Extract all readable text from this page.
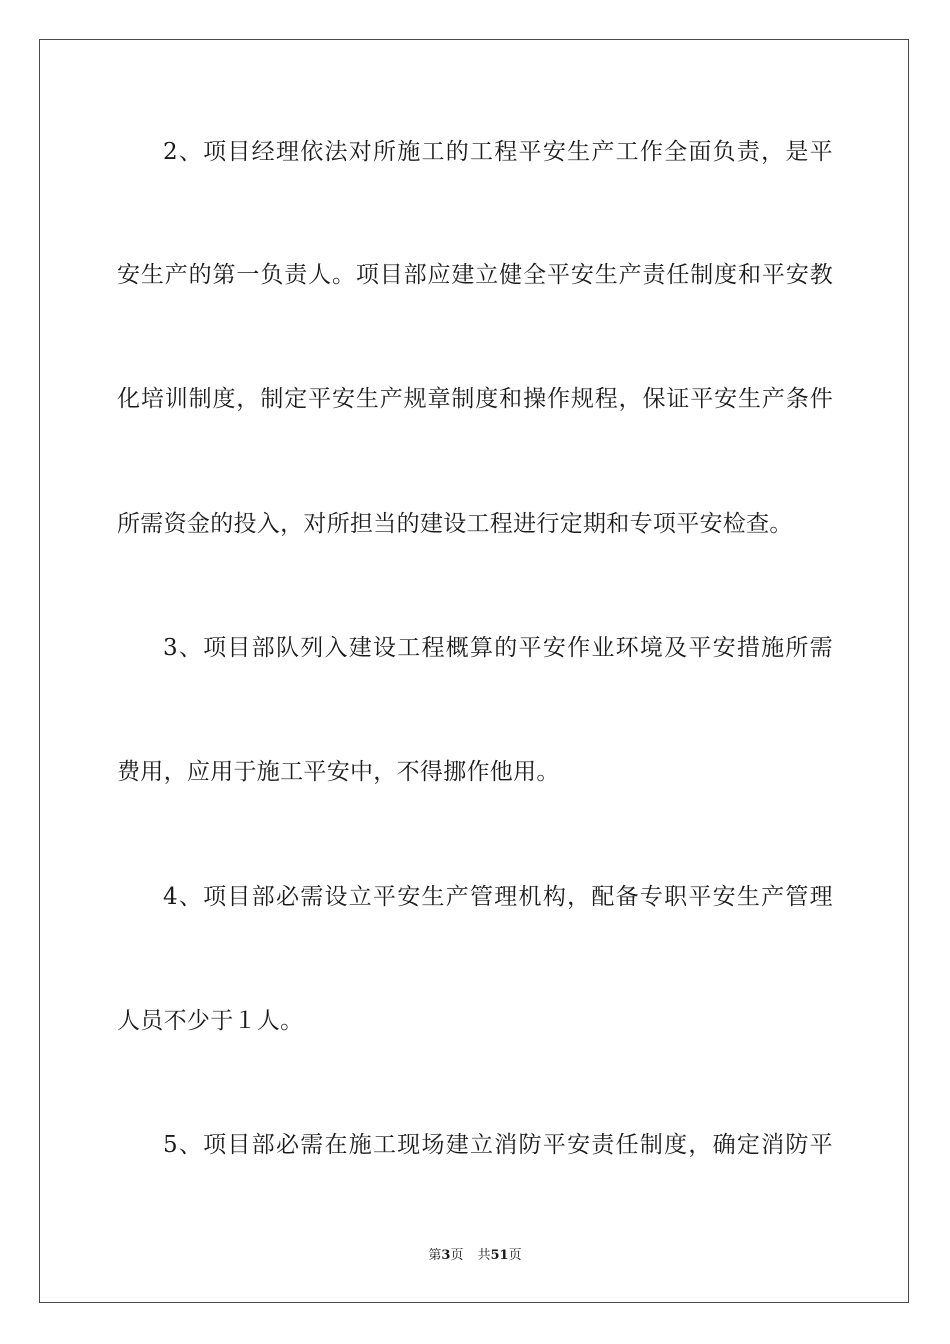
2、项目经理依法对所施工的工程平安生产工作全面负责，是平
安生产的第一负责人。项目部应建立健全平安生产责任制度和平安教
化培训制度，制定平安生产规章制度和操作规程，保证平安生产条件
所需资金的投入，对所担当的建设工程进行定期和专项平安检查。
3、项目部队列入建设工程概算的平安作业环境及平安措施所需
费用，应用于施工平安中，不得挪作他用。
4、项目部必需设立平安生产管理机构，配备专职平安生产管理
人员不少于１人。
5、项目部必需在施工现场建立消防平安责任制度，确定消防平
第3页 共51页
